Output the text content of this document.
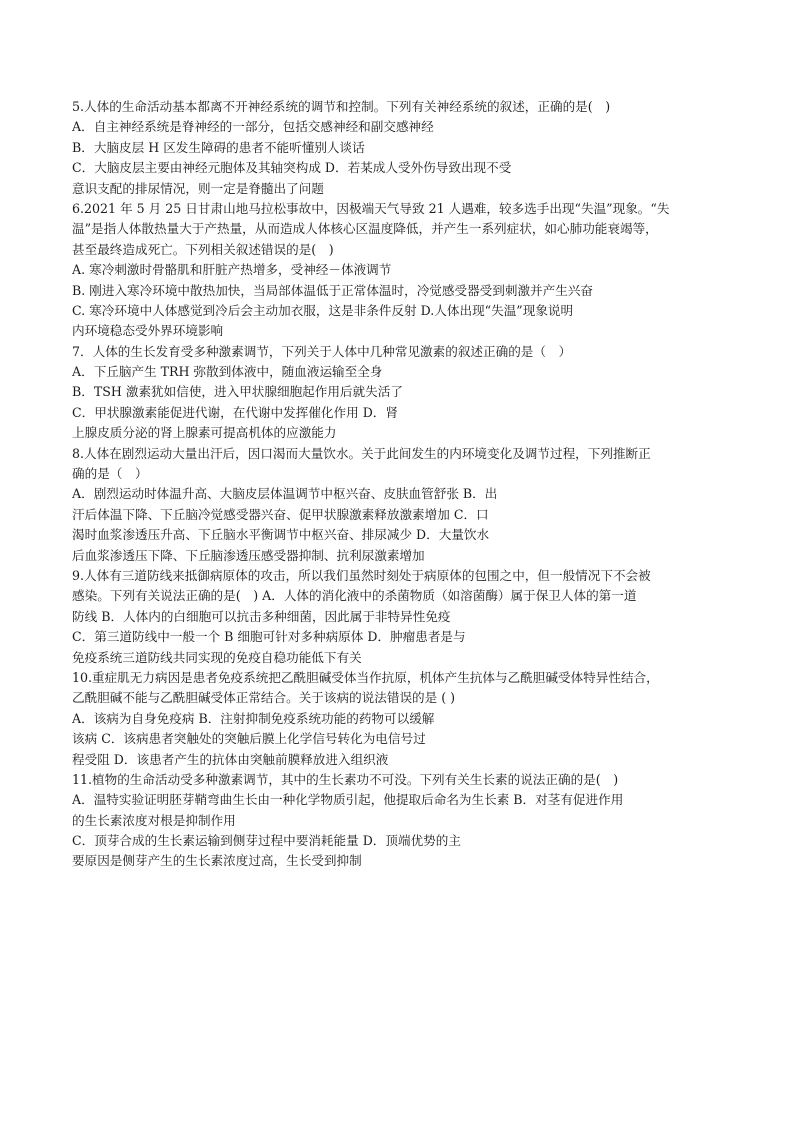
5.人体的生命活动基本都离不开神经系统的调节和控制。下列有关神经系统的叙述，正确的是(　)
A．自主神经系统是脊神经的一部分，包括交感神经和副交感神经
B．大脑皮层 H 区发生障碍的患者不能听懂别人谈话
C．大脑皮层主要由神经元胞体及其轴突构成 D．若某成人受外伤导致出现不受
意识支配的排尿情况，则一定是脊髓出了问题
6.2021 年 5 月 25 日甘肃山地马拉松事故中，因极端天气导致 21 人遇难，较多选手出现“失温”现象。“失
温”是指人体散热量大于产热量，从而造成人体核心区温度降低，并产生一系列症状，如心肺功能衰竭等，
甚至最终造成死亡。下列相关叙述错误的是(　)
A. 寒冷刺激时骨骼肌和肝脏产热增多，受神经－体液调节
B. 刚进入寒冷环境中散热加快，当局部体温低于正常体温时，冷觉感受器受到刺激并产生兴奋
C. 寒冷环境中人体感觉到冷后会主动加衣服，这是非条件反射 D.人体出现“失温”现象说明
内环境稳态受外界环境影响
7．人体的生长发育受多种激素调节，下列关于人体中几种常见激素的叙述正确的是（　）
A．下丘脑产生 TRH 弥散到体液中，随血液运输至全身
B．TSH 激素犹如信使，进入甲状腺细胞起作用后就失活了
C．甲状腺激素能促进代谢，在代谢中发挥催化作用 D．肾
上腺皮质分泌的肾上腺素可提高机体的应激能力
8.人体在剧烈运动大量出汗后，因口渴而大量饮水。关于此间发生的内环境变化及调节过程，下列推断正
确的是（　）
A．剧烈运动时体温升高、大脑皮层体温调节中枢兴奋、皮肤血管舒张 B．出
汗后体温下降、下丘脑冷觉感受器兴奋、促甲状腺激素释放激素增加 C．口
渴时血浆渗透压升高、下丘脑水平衡调节中枢兴奋、排尿减少 D．大量饮水
后血浆渗透压下降、下丘脑渗透压感受器抑制、抗利尿激素增加
9.人体有三道防线来抵御病原体的攻击，所以我们虽然时刻处于病原体的包围之中，但一般情况下不会被
感染。下列有关说法正确的是(　) A．人体的消化液中的杀菌物质（如溶菌酶）属于保卫人体的第一道
防线 B．人体内的白细胞可以抗击多种细菌，因此属于非特异性免疫
C．第三道防线中一般一个 B 细胞可针对多种病原体 D．肿瘤患者是与
免疫系统三道防线共同实现的免疫自稳功能低下有关
10.重症肌无力病因是患者免疫系统把乙酰胆碱受体当作抗原，机体产生抗体与乙酰胆碱受体特异性结合，
乙酰胆碱不能与乙酰胆碱受体正常结合。关于该病的说法错误的是 ( )
A．该病为自身免疫病 B．注射抑制免疫系统功能的药物可以缓解
该病 C．该病患者突触处的突触后膜上化学信号转化为电信号过
程受阻 D．该患者产生的抗体由突触前膜释放进入组织液
11.植物的生命活动受多种激素调节，其中的生长素功不可没。下列有关生长素的说法正确的是(　)
A．温特实验证明胚芽鞘弯曲生长由一种化学物质引起，他提取后命名为生长素 B．对茎有促进作用
的生长素浓度对根是抑制作用
C．顶芽合成的生长素运输到侧芽过程中要消耗能量 D．顶端优势的主
要原因是侧芽产生的生长素浓度过高，生长受到抑制
